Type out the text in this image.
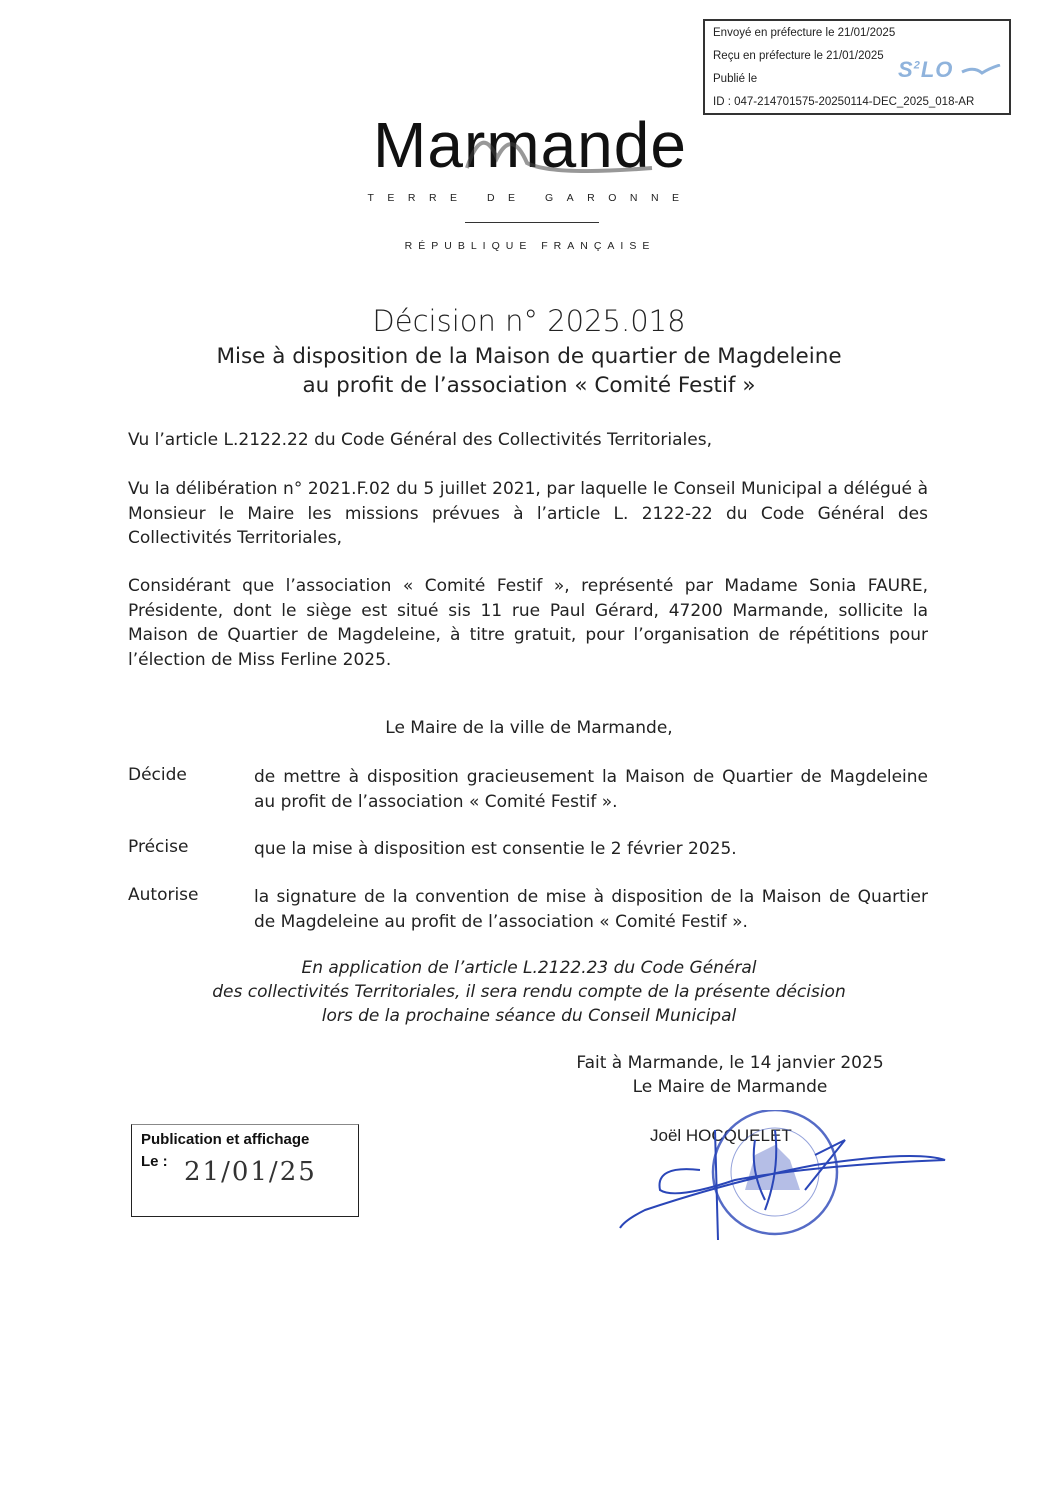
Envoyé en préfecture le 21/01/2025
Reçu en préfecture le 21/01/2025
Publié le
ID : 047-214701575-20250114-DEC_2025_018-AR
$S^2LO$
Marmande
TERRE DE GARONNE
RÉPUBLIQUE FRANÇAISE
Décision n° 2025.018
Mise à disposition de la Maison de quartier de Magdeleine
au profit de l’association « Comité Festif »
Vu l’article L.2122.22 du Code Général des Collectivités Territoriales,
Vu la délibération n° 2021.F.02 du 5 juillet 2021, par laquelle le Conseil Municipal a délégué à Monsieur le Maire les missions prévues à l’article L. 2122-22 du Code Général des Collectivités Territoriales,
Considérant que l’association « Comité Festif », représenté par Madame Sonia FAURE, Présidente, dont le siège est situé sis 11 rue Paul Gérard, 47200 Marmande, sollicite la Maison de Quartier de Magdeleine, à titre gratuit, pour l’organisation de répétitions pour l’élection de Miss Ferline 2025.
Le Maire de la ville de Marmande,
Décide	de mettre à disposition gracieusement la Maison de Quartier de Magdeleine au profit de l’association « Comité Festif ».
Précise	que la mise à disposition est consentie le 2 février 2025.
Autorise	la signature de la convention de mise à disposition de la Maison de Quartier de Magdeleine au profit de l’association « Comité Festif ».
En application de l’article L.2122.23 du Code Général
des collectivités Territoriales, il sera rendu compte de la présente décision
lors de la prochaine séance du Conseil Municipal
Fait à Marmande, le 14 janvier 2025
Le Maire de Marmande
Joël HOCQUELET
Publication et affichage
Le : 21/01/25
